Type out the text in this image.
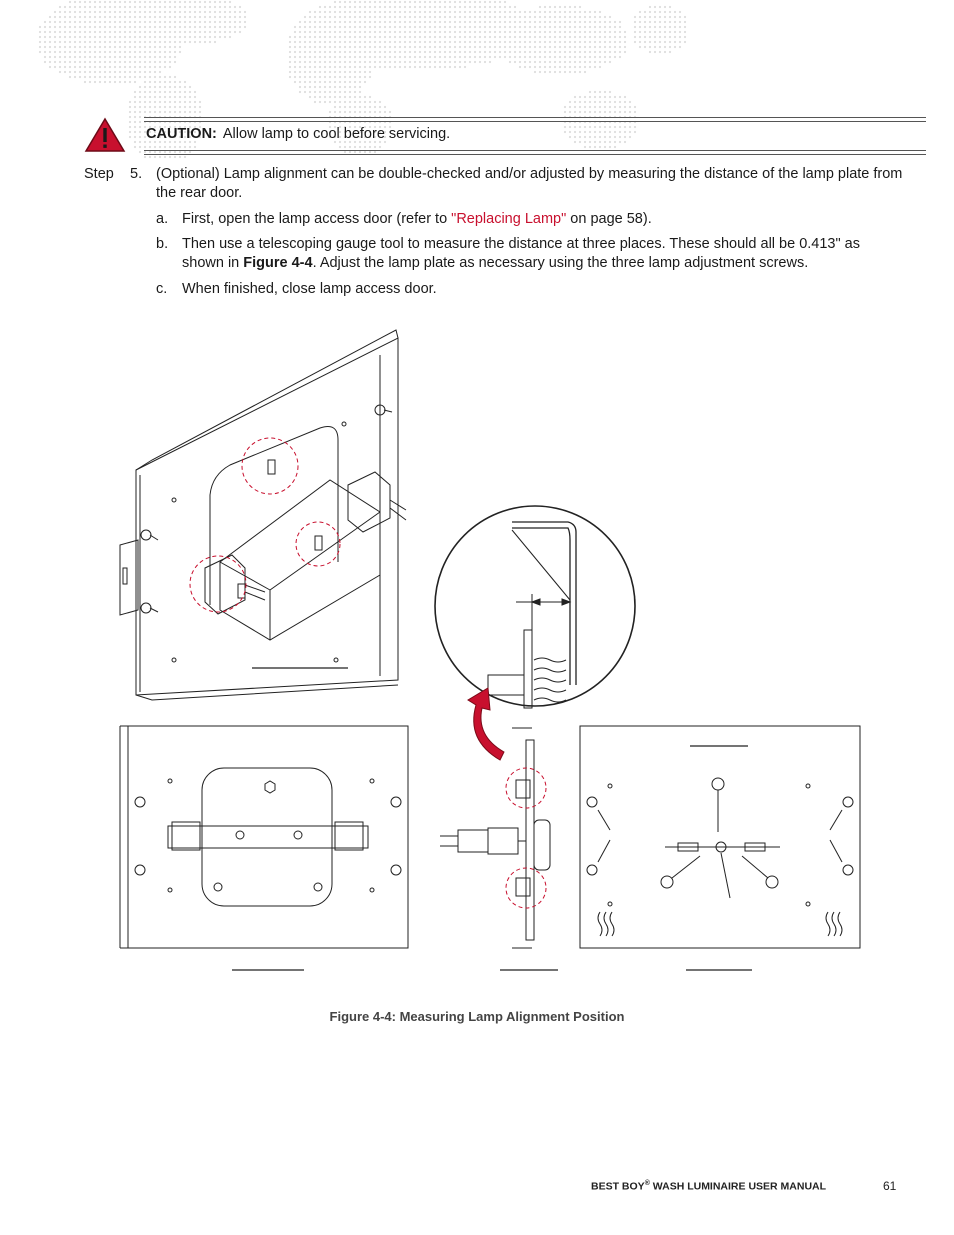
CAUTION: Allow lamp to cool before servicing.
Step 5. (Optional) Lamp alignment can be double-checked and/or adjusted by measuring the distance of the lamp plate from the rear door.
a. First, open the lamp access door (refer to "Replacing Lamp" on page 58).
b. Then use a telescoping gauge tool to measure the distance at three places. These should all be 0.413" as shown in Figure 4-4. Adjust the lamp plate as necessary using the three lamp adjustment screws.
c. When finished, close lamp access door.
Figure 4-4: Measuring Lamp Alignment Position
BEST BOY® WASH LUMINAIRE USER MANUAL	61
